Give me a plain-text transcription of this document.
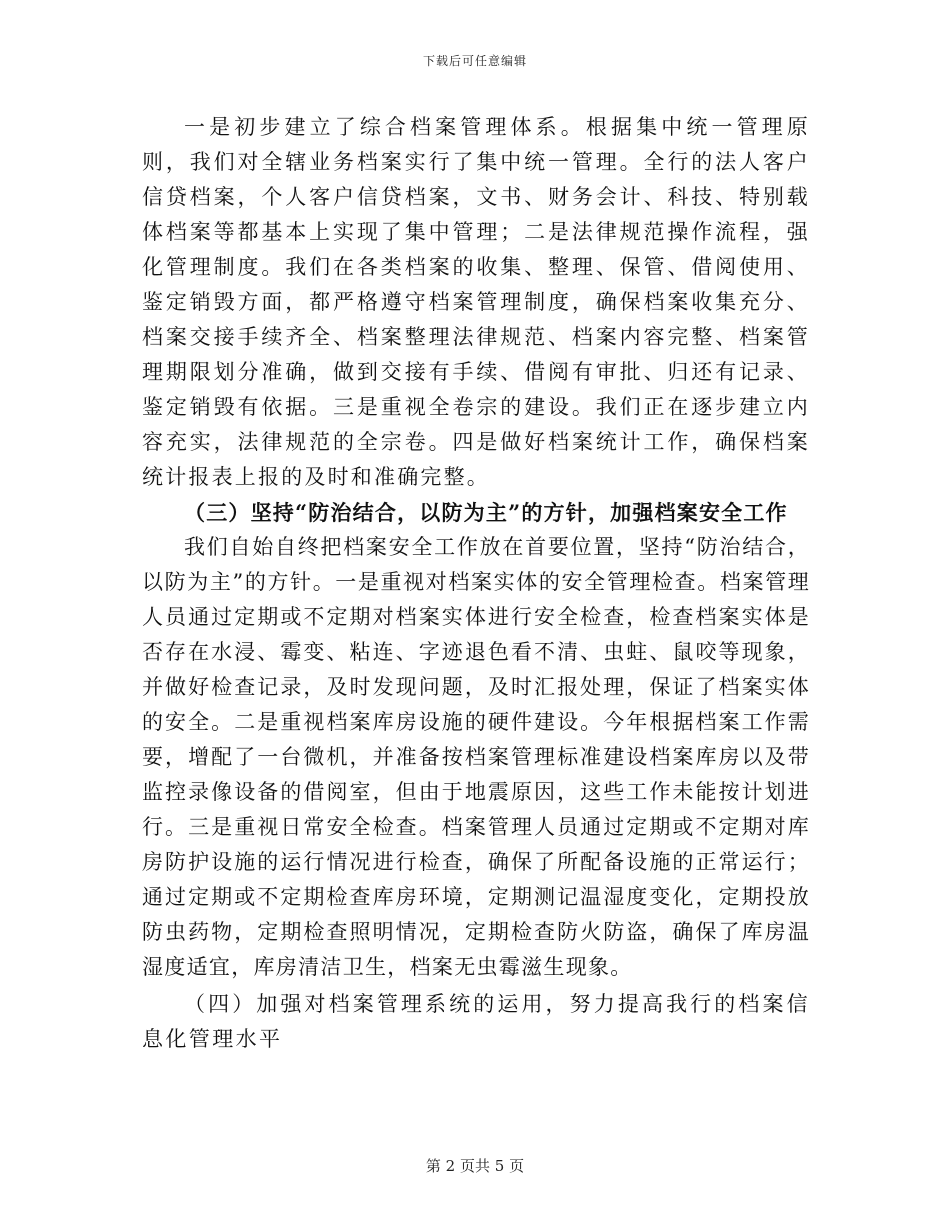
下载后可任意编辑

一是初步建立了综合档案管理体系。根据集中统一管理原则，我们对全辖业务档案实行了集中统一管理。全行的法人客户信贷档案，个人客户信贷档案，文书、财务会计、科技、特别载体档案等都基本上实现了集中管理；二是法律规范操作流程，强化管理制度。我们在各类档案的收集、整理、保管、借阅使用、鉴定销毁方面，都严格遵守档案管理制度，确保档案收集充分、档案交接手续齐全、档案整理法律规范、档案内容完整、档案管理期限划分准确，做到交接有手续、借阅有审批、归还有记录、鉴定销毁有依据。三是重视全卷宗的建设。我们正在逐步建立内容充实，法律规范的全宗卷。四是做好档案统计工作，确保档案统计报表上报的及时和准确完整。

（三）坚持“防治结合，以防为主”的方针，加强档案安全工作

我们自始自终把档案安全工作放在首要位置，坚持“防治结合，以防为主”的方针。一是重视对档案实体的安全管理检查。档案管理人员通过定期或不定期对档案实体进行安全检查，检查档案实体是否存在水浸、霉变、粘连、字迹退色看不清、虫蛀、鼠咬等现象，并做好检查记录，及时发现问题，及时汇报处理，保证了档案实体的安全。二是重视档案库房设施的硬件建设。今年根据档案工作需要，增配了一台微机，并准备按档案管理标准建设档案库房以及带监控录像设备的借阅室，但由于地震原因，这些工作未能按计划进行。三是重视日常安全检查。档案管理人员通过定期或不定期对库房防护设施的运行情况进行检查，确保了所配备设施的正常运行；通过定期或不定期检查库房环境，定期测记温湿度变化，定期投放防虫药物，定期检查照明情况，定期检查防火防盗，确保了库房温湿度适宜，库房清洁卫生，档案无虫霉滋生现象。

（四）加强对档案管理系统的运用，努力提高我行的档案信息化管理水平

第 2 页共 5 页
